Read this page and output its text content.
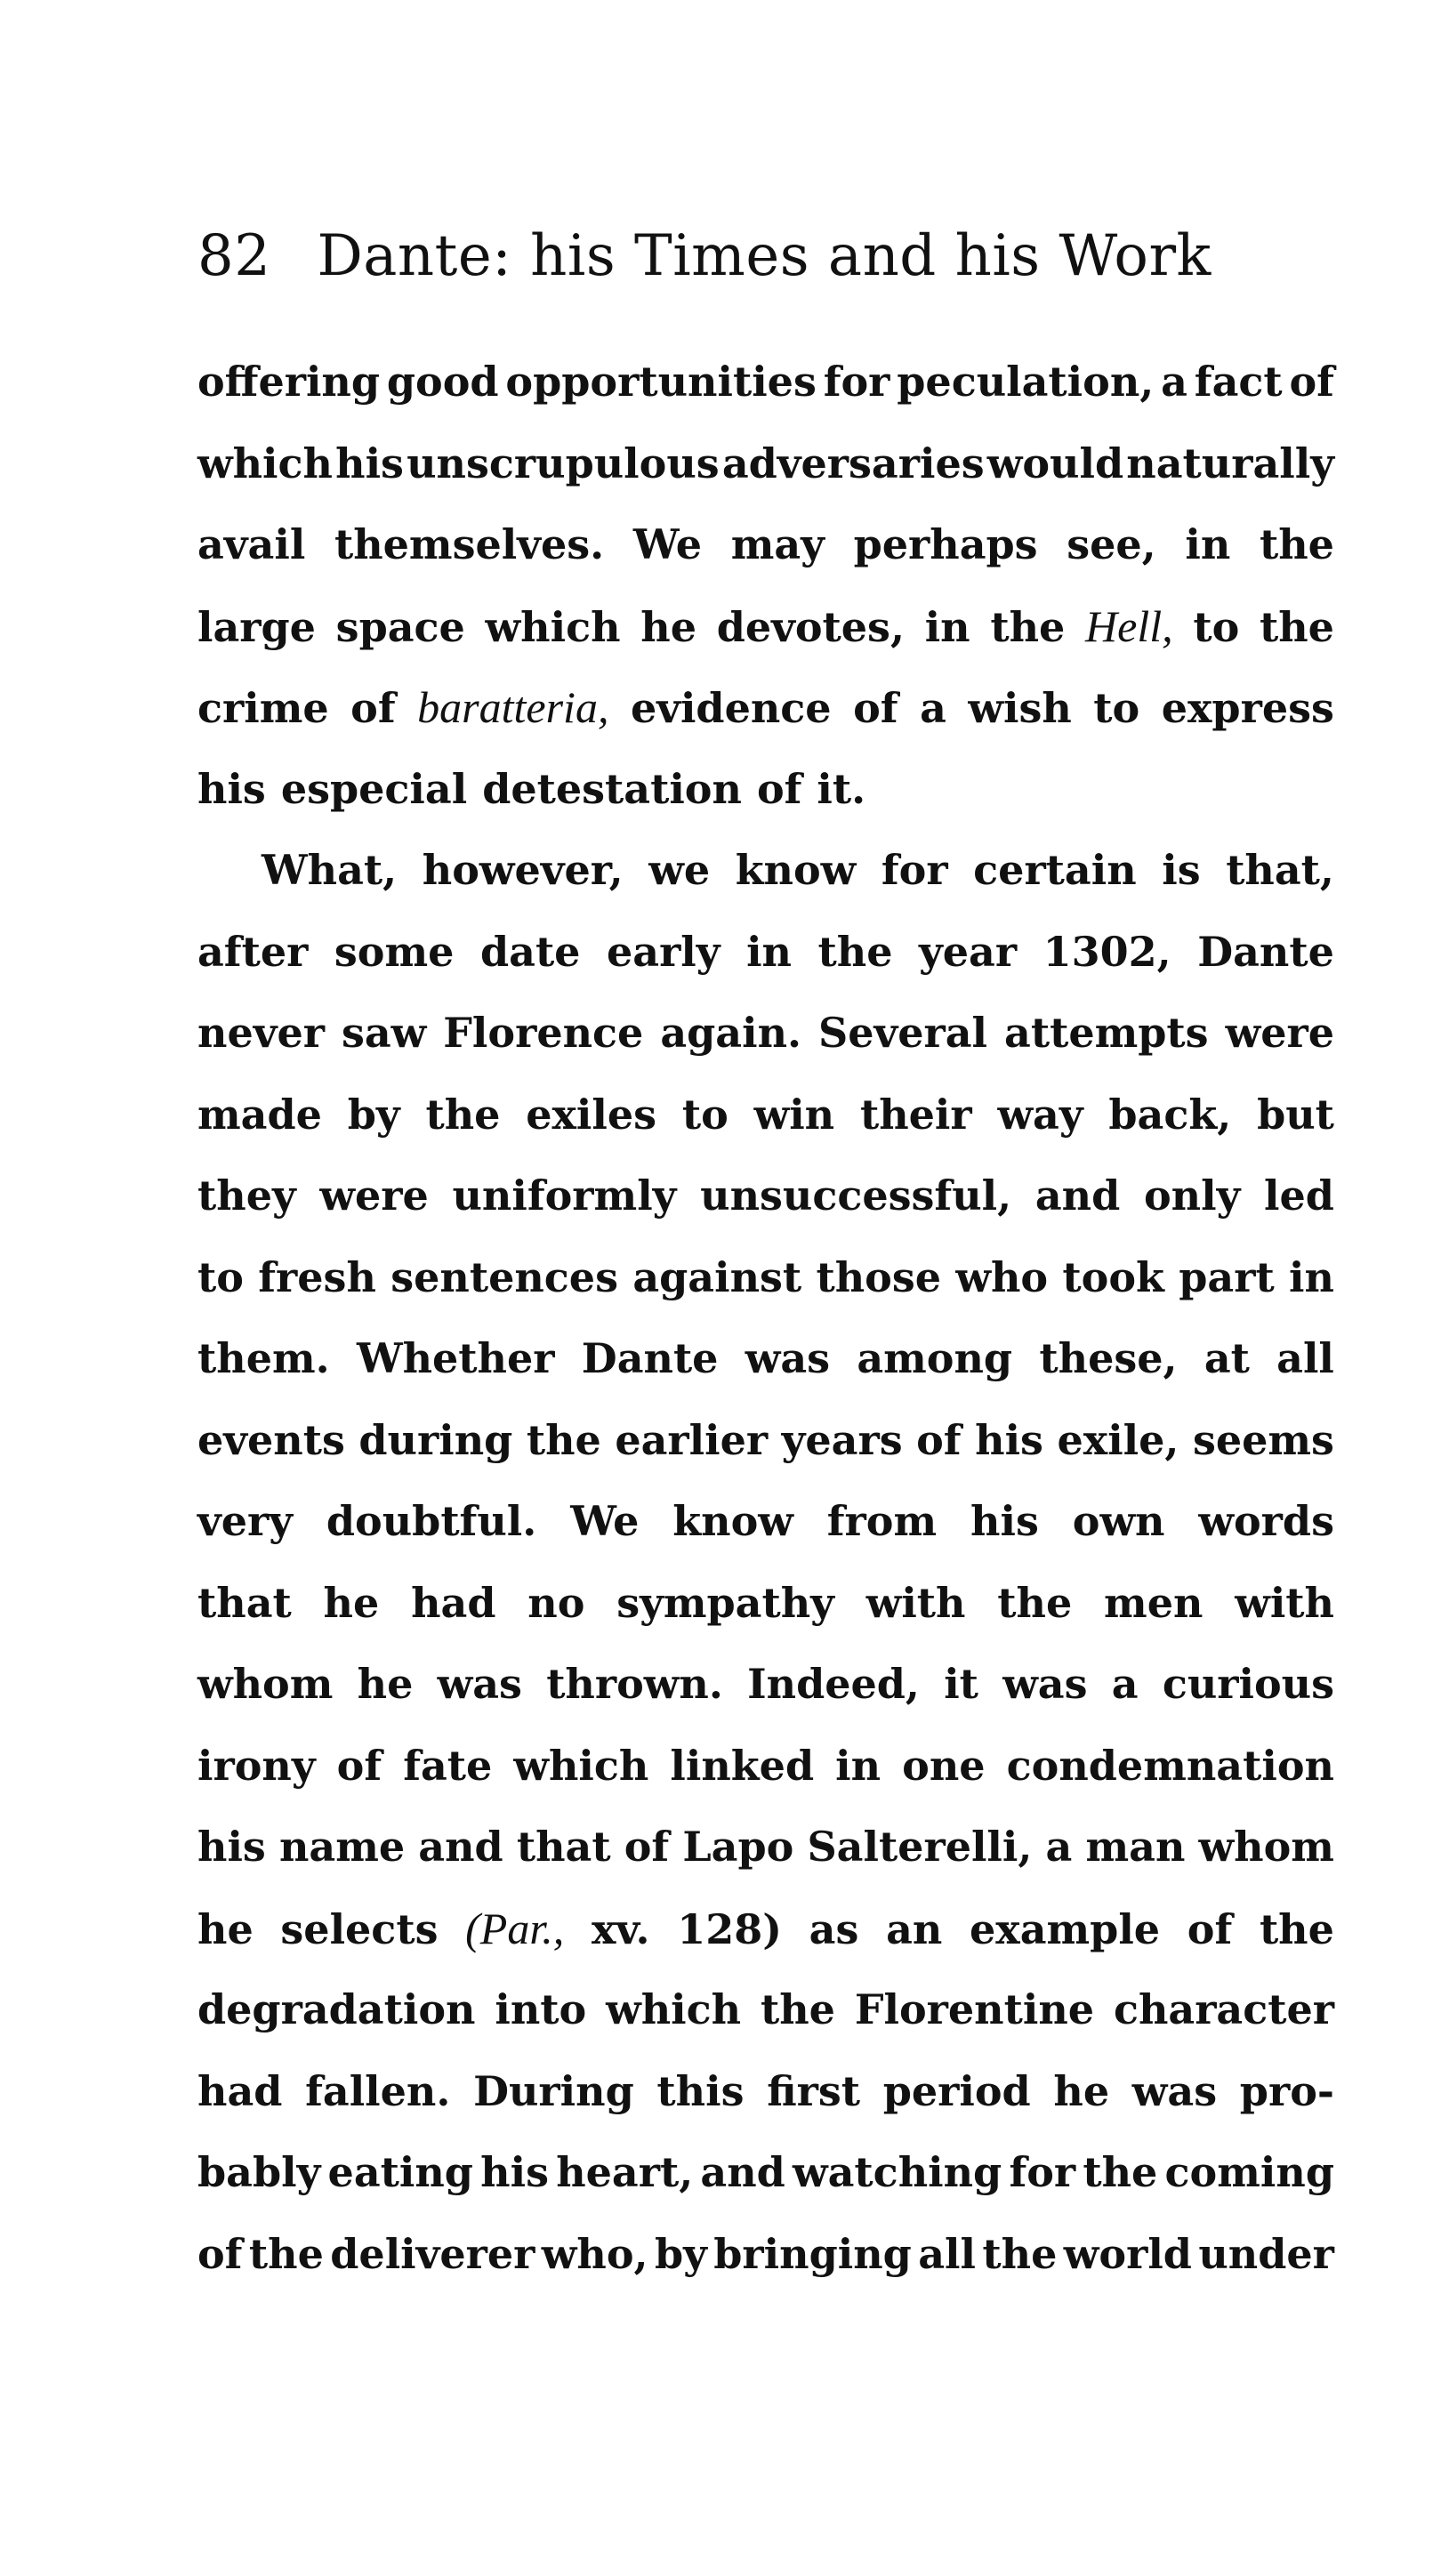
82 Dante: his Times and his Work
offering good opportunities for peculation, a fact of
which his unscrupulous adversaries would naturally
avail themselves. We may perhaps see, in the
large space which he devotes, in the Hell, to the
crime of baratteria, evidence of a wish to express
his especial detestation of it.
What, however, we know for certain is that,
after some date early in the year 1302, Dante
never saw Florence again. Several attempts were
made by the exiles to win their way back, but
they were uniformly unsuccessful, and only led
to fresh sentences against those who took part in
them. Whether Dante was among these, at all
events during the earlier years of his exile, seems
very doubtful. We know from his own words
that he had no sympathy with the men with
whom he was thrown. Indeed, it was a curious
irony of fate which linked in one condemnation
his name and that of Lapo Salterelli, a man whom
he selects (Par., xv. 128) as an example of the
degradation into which the Florentine character
had fallen. During this first period he was pro-
bably eating his heart, and watching for the coming
of the deliverer who, by bringing all the world under
